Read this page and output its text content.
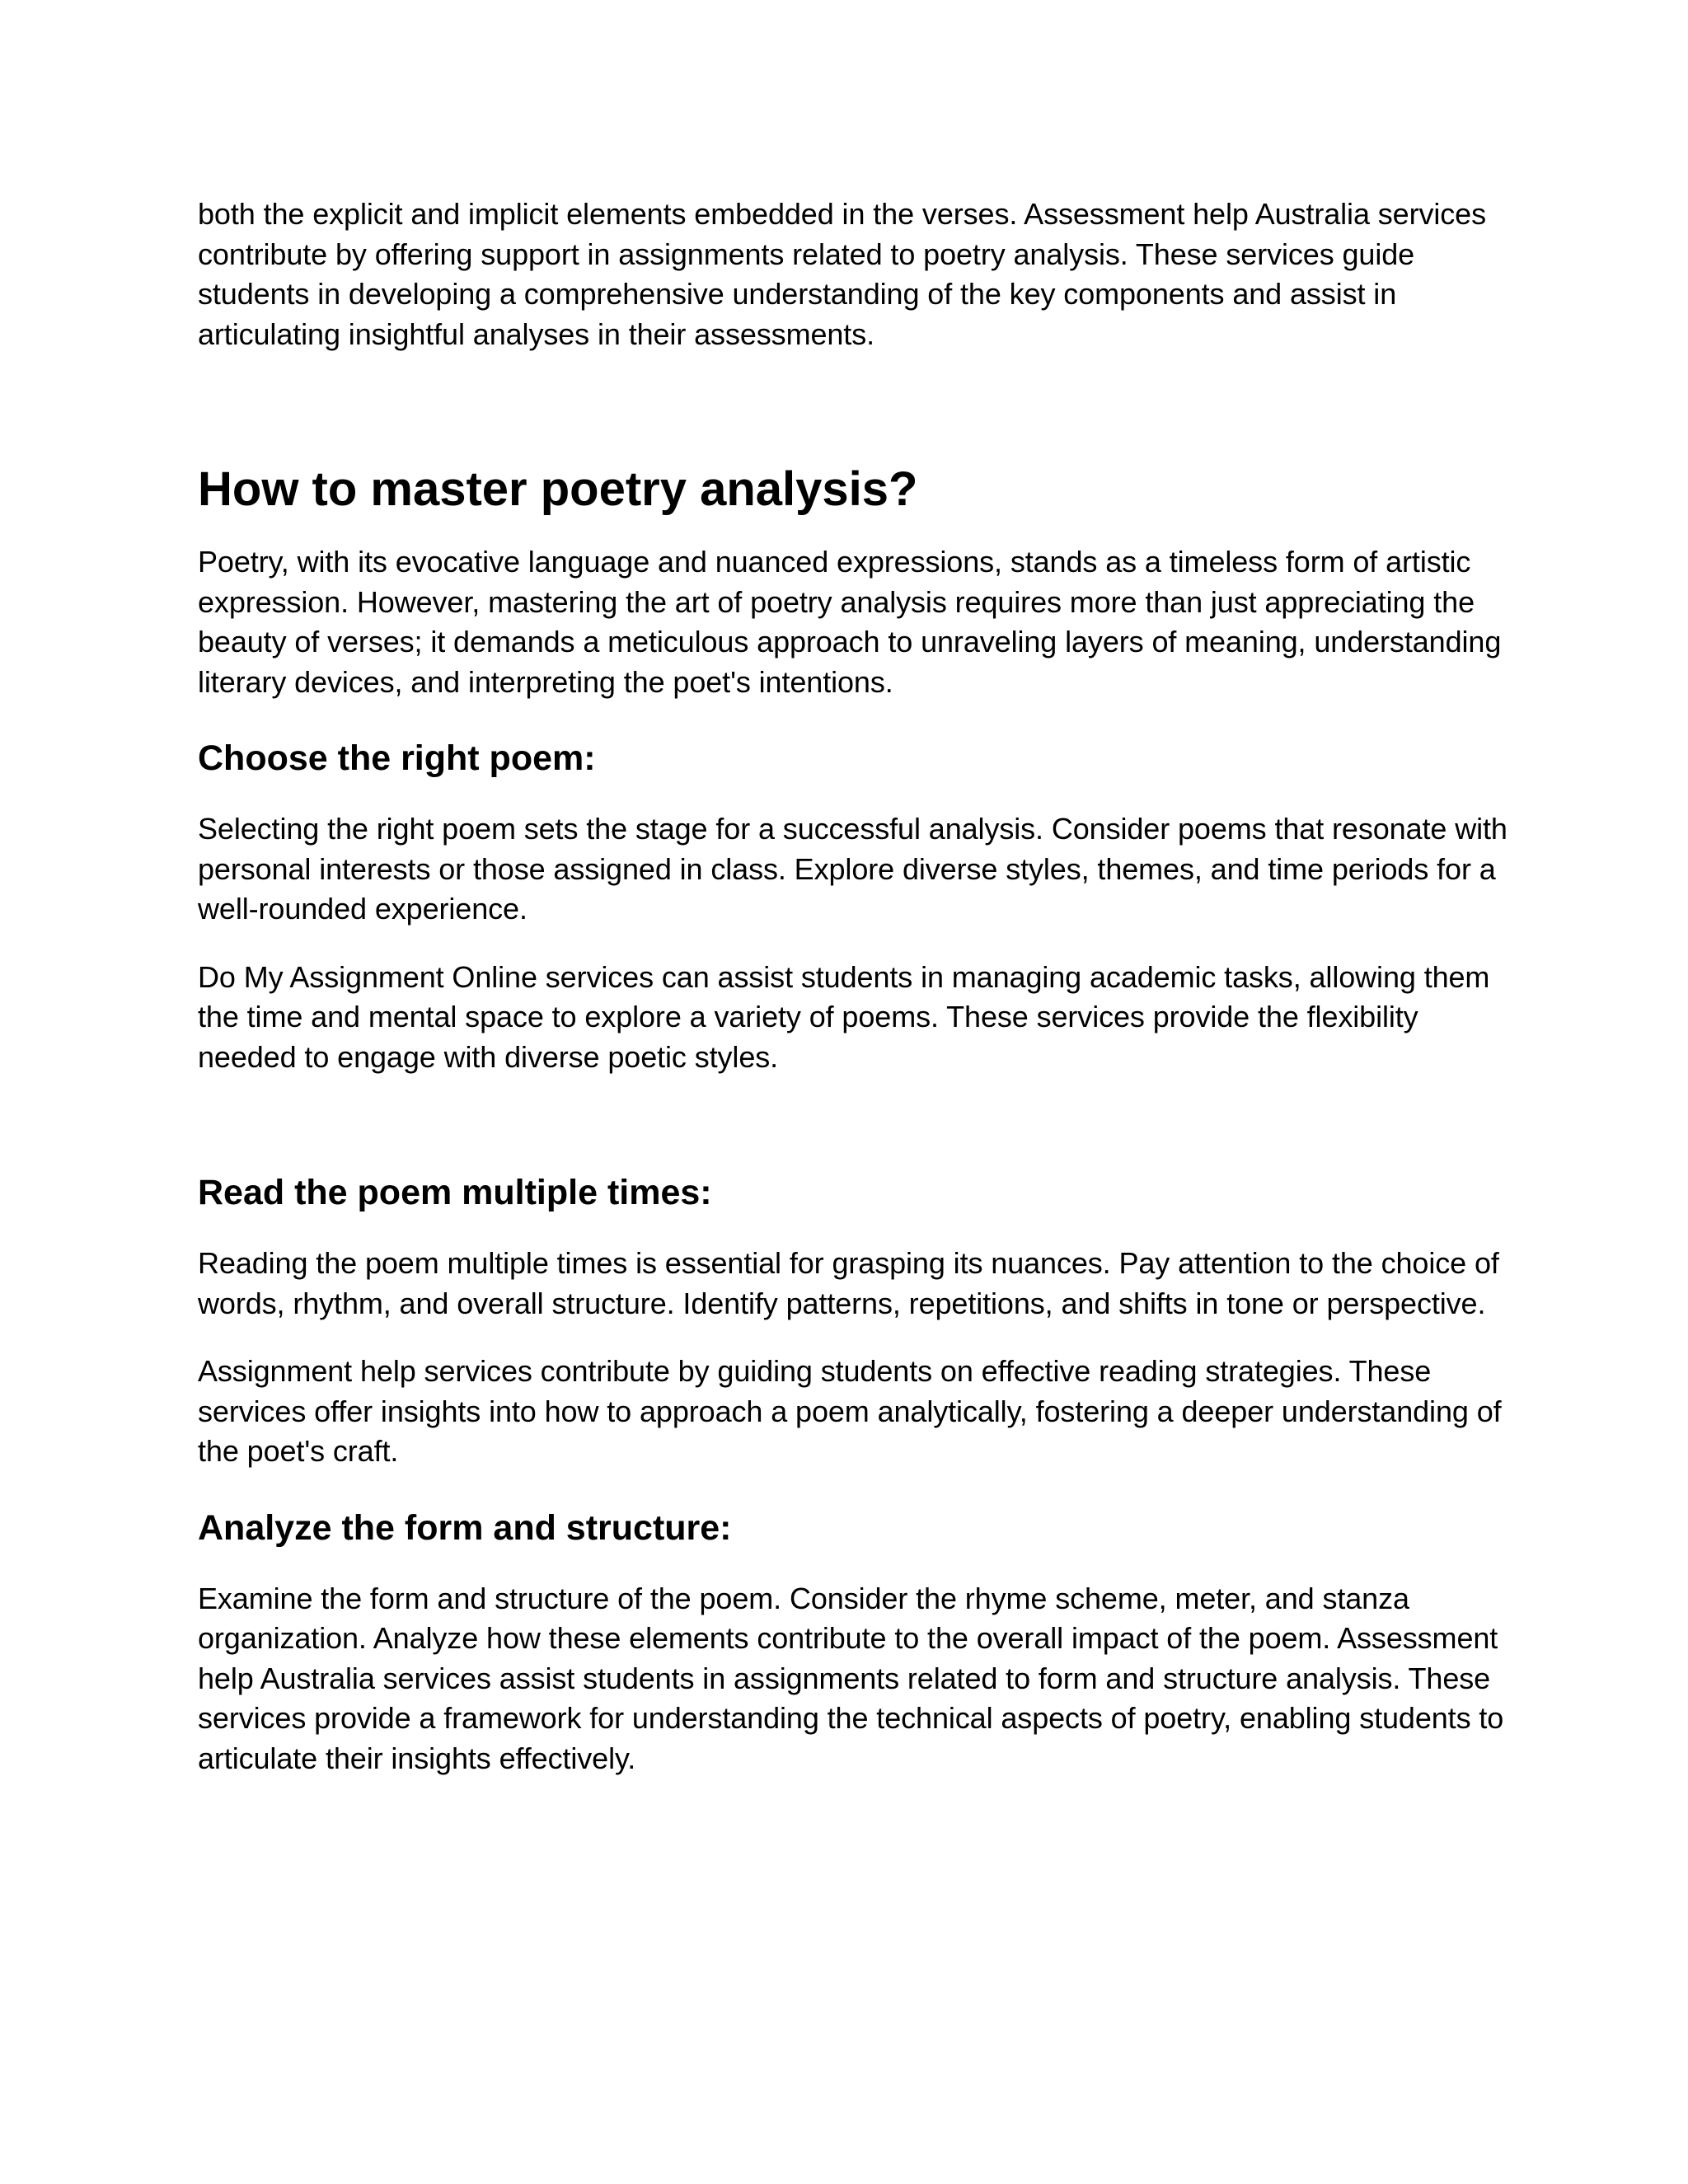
both the explicit and implicit elements embedded in the verses. Assessment help Australia services contribute by offering support in assignments related to poetry analysis. These services guide students in developing a comprehensive understanding of the key components and assist in articulating insightful analyses in their assessments.

How to master poetry analysis?

Poetry, with its evocative language and nuanced expressions, stands as a timeless form of artistic expression. However, mastering the art of poetry analysis requires more than just appreciating the beauty of verses; it demands a meticulous approach to unraveling layers of meaning, understanding literary devices, and interpreting the poet's intentions.

Choose the right poem:

Selecting the right poem sets the stage for a successful analysis. Consider poems that resonate with personal interests or those assigned in class. Explore diverse styles, themes, and time periods for a well-rounded experience.

Do My Assignment Online services can assist students in managing academic tasks, allowing them the time and mental space to explore a variety of poems. These services provide the flexibility needed to engage with diverse poetic styles.

Read the poem multiple times:

Reading the poem multiple times is essential for grasping its nuances. Pay attention to the choice of words, rhythm, and overall structure. Identify patterns, repetitions, and shifts in tone or perspective.

Assignment help services contribute by guiding students on effective reading strategies. These services offer insights into how to approach a poem analytically, fostering a deeper understanding of the poet's craft.

Analyze the form and structure:

Examine the form and structure of the poem. Consider the rhyme scheme, meter, and stanza organization. Analyze how these elements contribute to the overall impact of the poem. Assessment help Australia services assist students in assignments related to form and structure analysis. These services provide a framework for understanding the technical aspects of poetry, enabling students to articulate their insights effectively.
